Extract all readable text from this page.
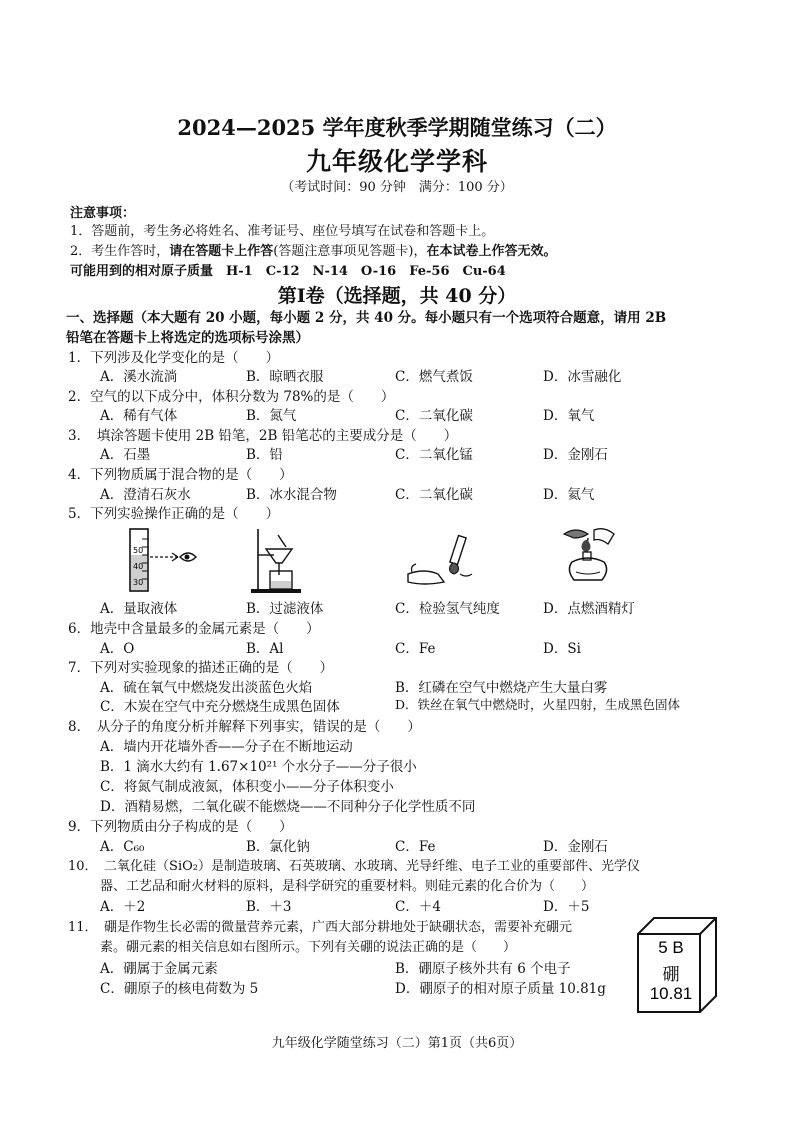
2024—2025 学年度秋季学期随堂练习（二）
九年级化学学科
（考试时间：90 分钟　满分：100 分）
注意事项：
1．答题前，考生务必将姓名、准考证号、座位号填写在试卷和答题卡上。
2．考生作答时，请在答题卡上作答(答题注意事项见答题卡)，在本试卷上作答无效。
可能用到的相对原子质量　H-1　C-12　N-14　O-16　Fe-56　Cu-64
第Ⅰ卷（选择题，共 40 分）
一、选择题（本大题有 20 小题，每小题 2 分，共 40 分。每小题只有一个选项符合题意，请用 2B
铅笔在答题卡上将选定的选项标号涂黑）
1．下列涉及化学变化的是（　　）
A．溪水流淌	B．晾晒衣服	C．燃气煮饭	D．冰雪融化
2．空气的以下成分中，体积分数为 78%的是（　　）
A．稀有气体	B．氮气	C．二氧化碳	D．氧气
3．　填涂答题卡使用 2B 铅笔，2B 铅笔芯的主要成分是（　　）
A．石墨	B．铅	C．二氧化锰	D．金刚石
4．下列物质属于混合物的是（　　）
A．澄清石灰水	B．冰水混合物	C．二氧化碳	D．氦气
5．下列实验操作正确的是（　　）
50
40
30
A．量取液体	B．过滤液体	C．检验氢气纯度	D．点燃酒精灯
6．地壳中含量最多的金属元素是（　　）
A．O	B．Al	C．Fe	D．Si
7．下列对实验现象的描述正确的是（　　）
A．硫在氧气中燃烧发出淡蓝色火焰	B．红磷在空气中燃烧产生大量白雾
C．木炭在空气中充分燃烧生成黑色固体	D．铁丝在氧气中燃烧时，火星四射，生成黑色固体
8．　从分子的角度分析并解释下列事实，错误的是（　　）
A．墙内开花墙外香——分子在不断地运动
B．1 滴水大约有 1.67×10²¹ 个水分子——分子很小
C．将氮气制成液氮，体积变小——分子体积变小
D．酒精易燃，二氧化碳不能燃烧——不同种分子化学性质不同
9．下列物质由分子构成的是（　　）
A．C₆₀	B．氯化钠	C．Fe	D．金刚石
10．　二氧化硅（SiO₂）是制造玻璃、石英玻璃、水玻璃、光导纤维、电子工业的重要部件、光学仪
器、工艺品和耐火材料的原料，是科学研究的重要材料。则硅元素的化合价为（　　）
A．＋2	B．＋3	C．＋4	D．＋5
11．　硼是作物生长必需的微量营养元素，广西大部分耕地处于缺硼状态，需要补充硼元
素。硼元素的相关信息如右图所示。下列有关硼的说法正确的是（　　）
A．硼属于金属元素	B．硼原子核外共有 6 个电子
C．硼原子的核电荷数为 5	D．硼原子的相对原子质量 10.81g
5 B
硼
10.81
九年级化学随堂练习（二）第1页（共6页）
